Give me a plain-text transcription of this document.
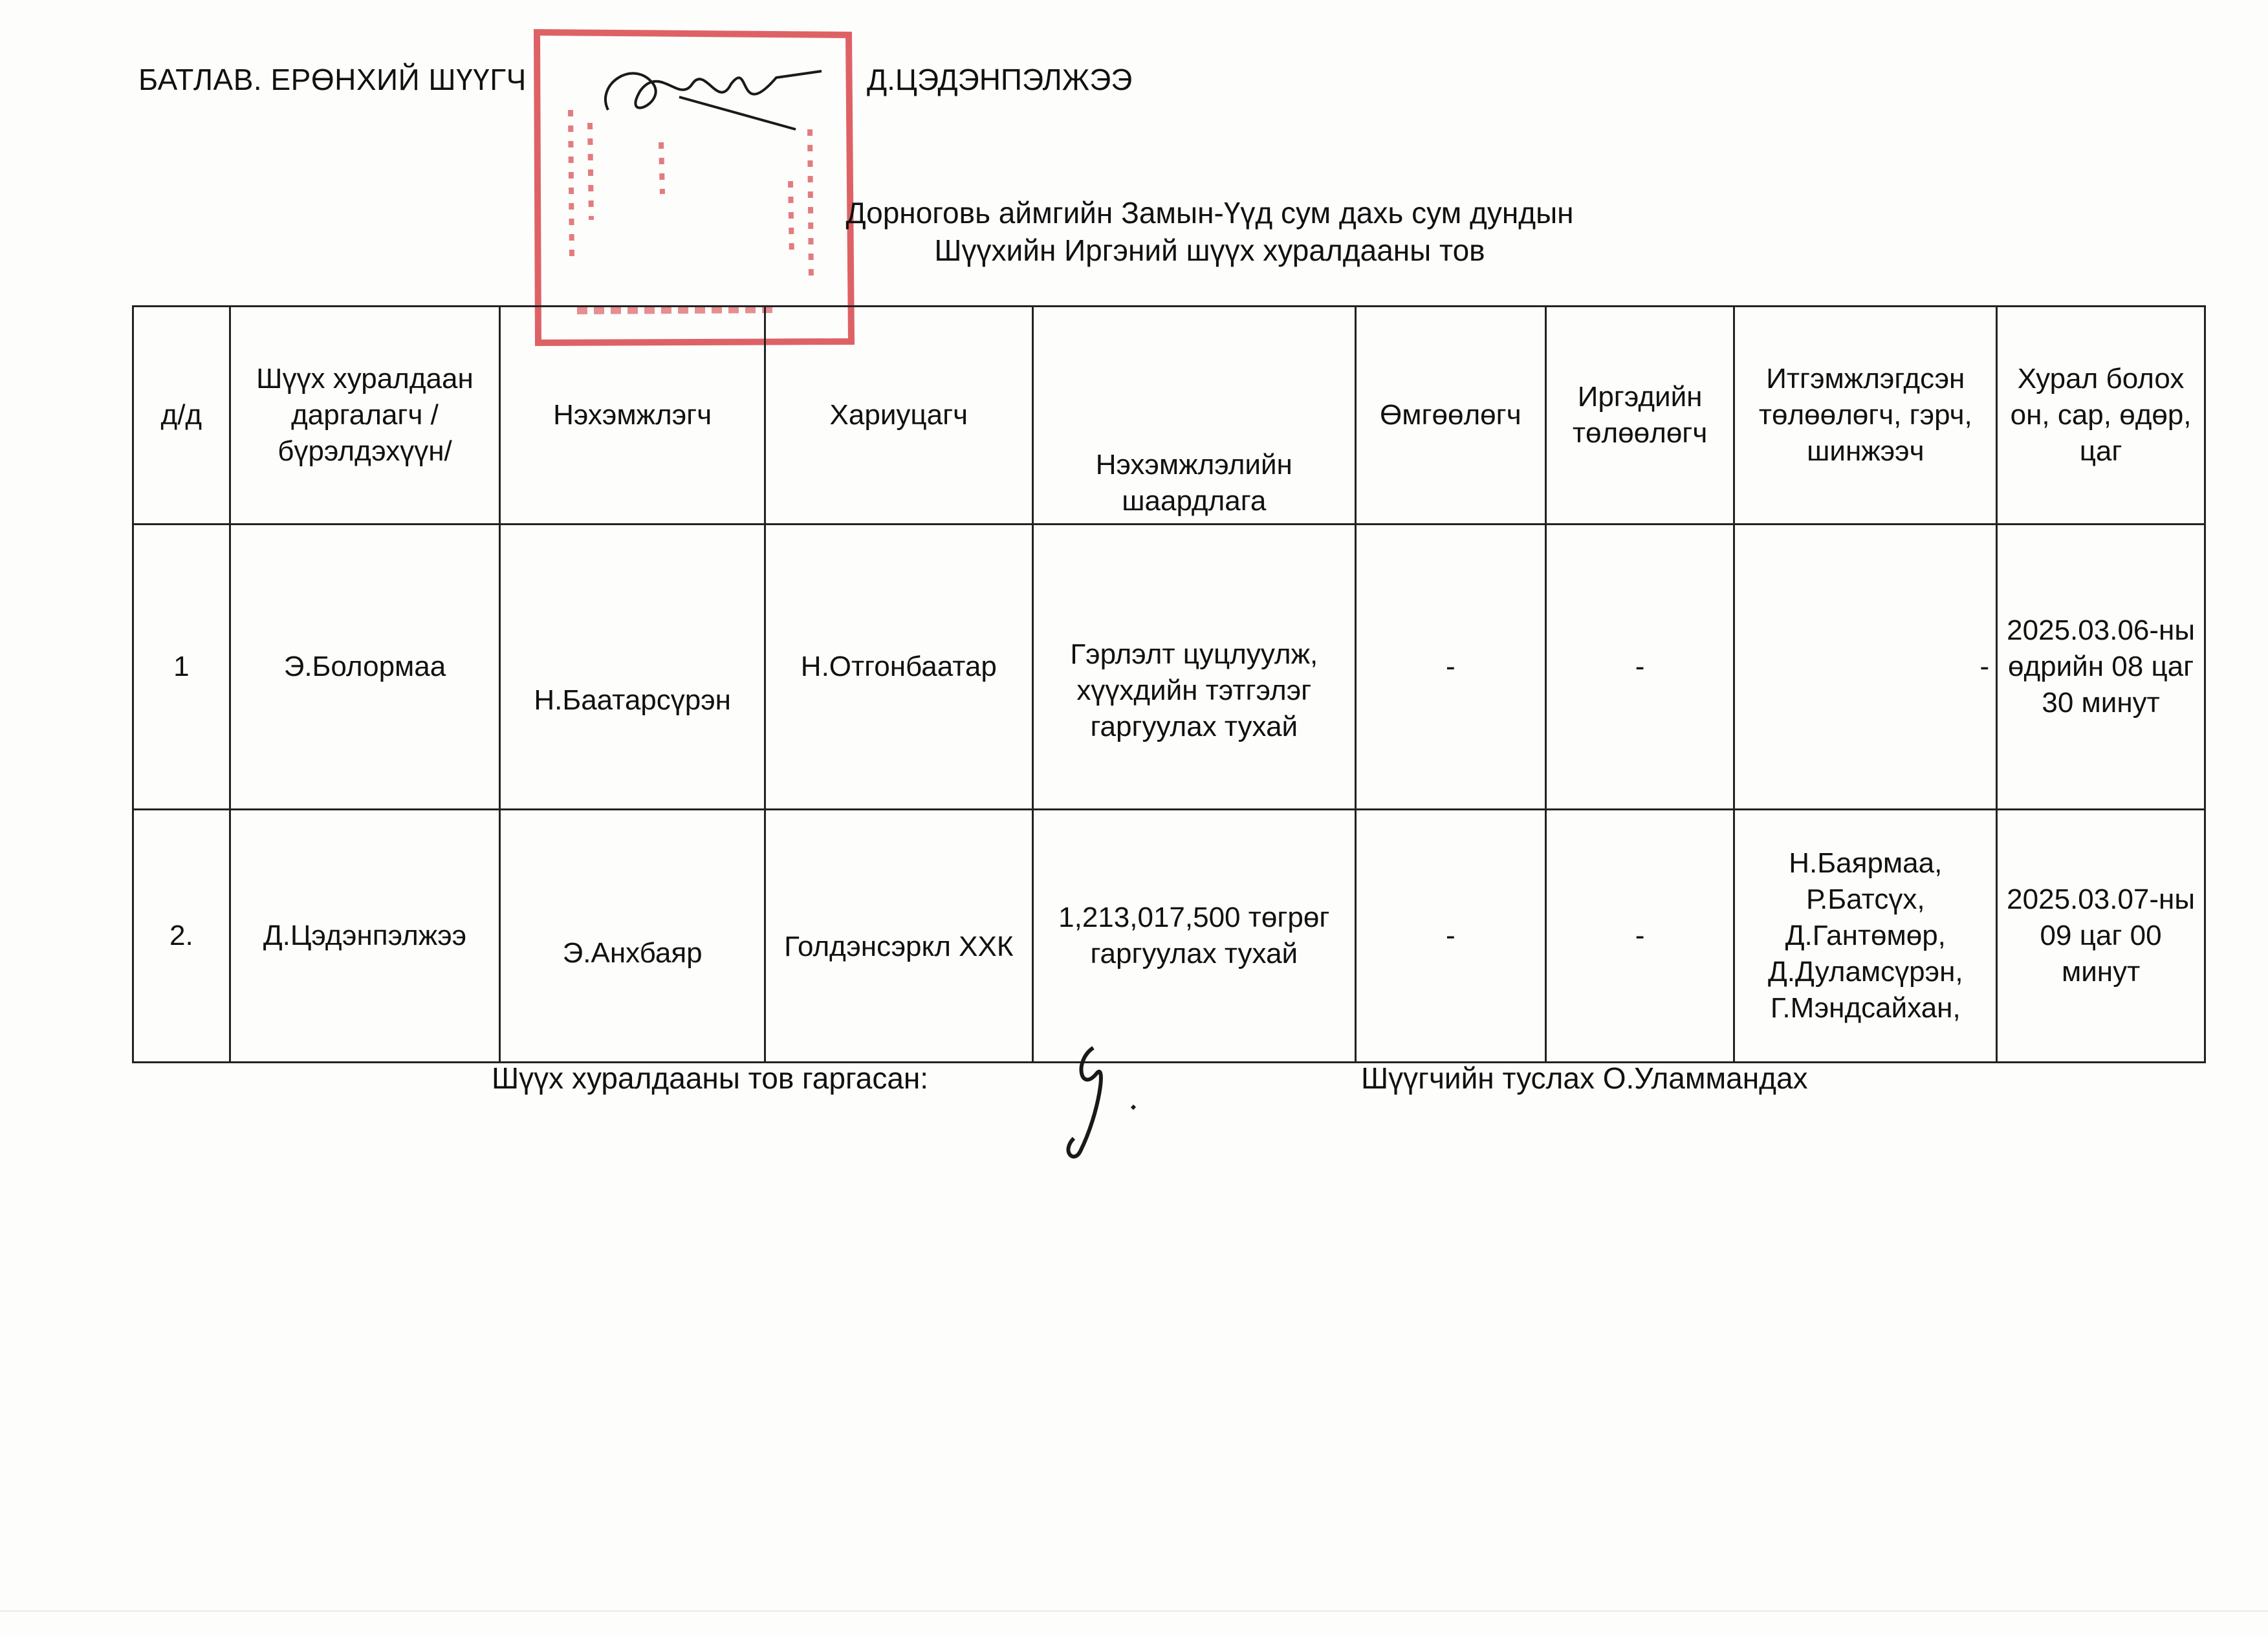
БАТЛАВ. ЕРӨНХИЙ ШҮҮГЧ	Д.ЦЭДЭНПЭЛЖЭЭ
Дорноговь аймгийн Замын-Үүд сум дахь сум дундын
Шүүхийн Иргэний шүүх хуралдааны тов
д/д	Шүүх хуралдаан даргалагч /бүрэлдэхүүн/	Нэхэмжлэгч	Хариуцагч	Нэхэмжлэлийн шаардлага	Өмгөөлөгч	Иргэдийн төлөөлөгч	Итгэмжлэгдсэн төлөөлөгч, гэрч, шинжээч	Хурал болох он, сар, өдөр, цаг
1	Э.Болормаа	Н.Баатарсүрэн	Н.Отгонбаатар	Гэрлэлт цуцлуулж, хүүхдийн тэтгэлэг гаргуулах тухай	-	-	-	2025.03.06-ны өдрийн 08 цаг 30 минут
2.	Д.Цэдэнпэлжээ	Э.Анхбаяр	Голдэнсэркл ХХК	1,213,017,500 төгрөг гаргуулах тухай	-	-	Н.Баярмаа, Р.Батсүх, Д.Гантөмөр, Д.Дуламсүрэн, Г.Мэндсайхан,	2025.03.07-ны 09 цаг 00 минут
Шүүх хуралдааны тов гаргасан:	Шүүгчийн туслах О.Уламмандах
